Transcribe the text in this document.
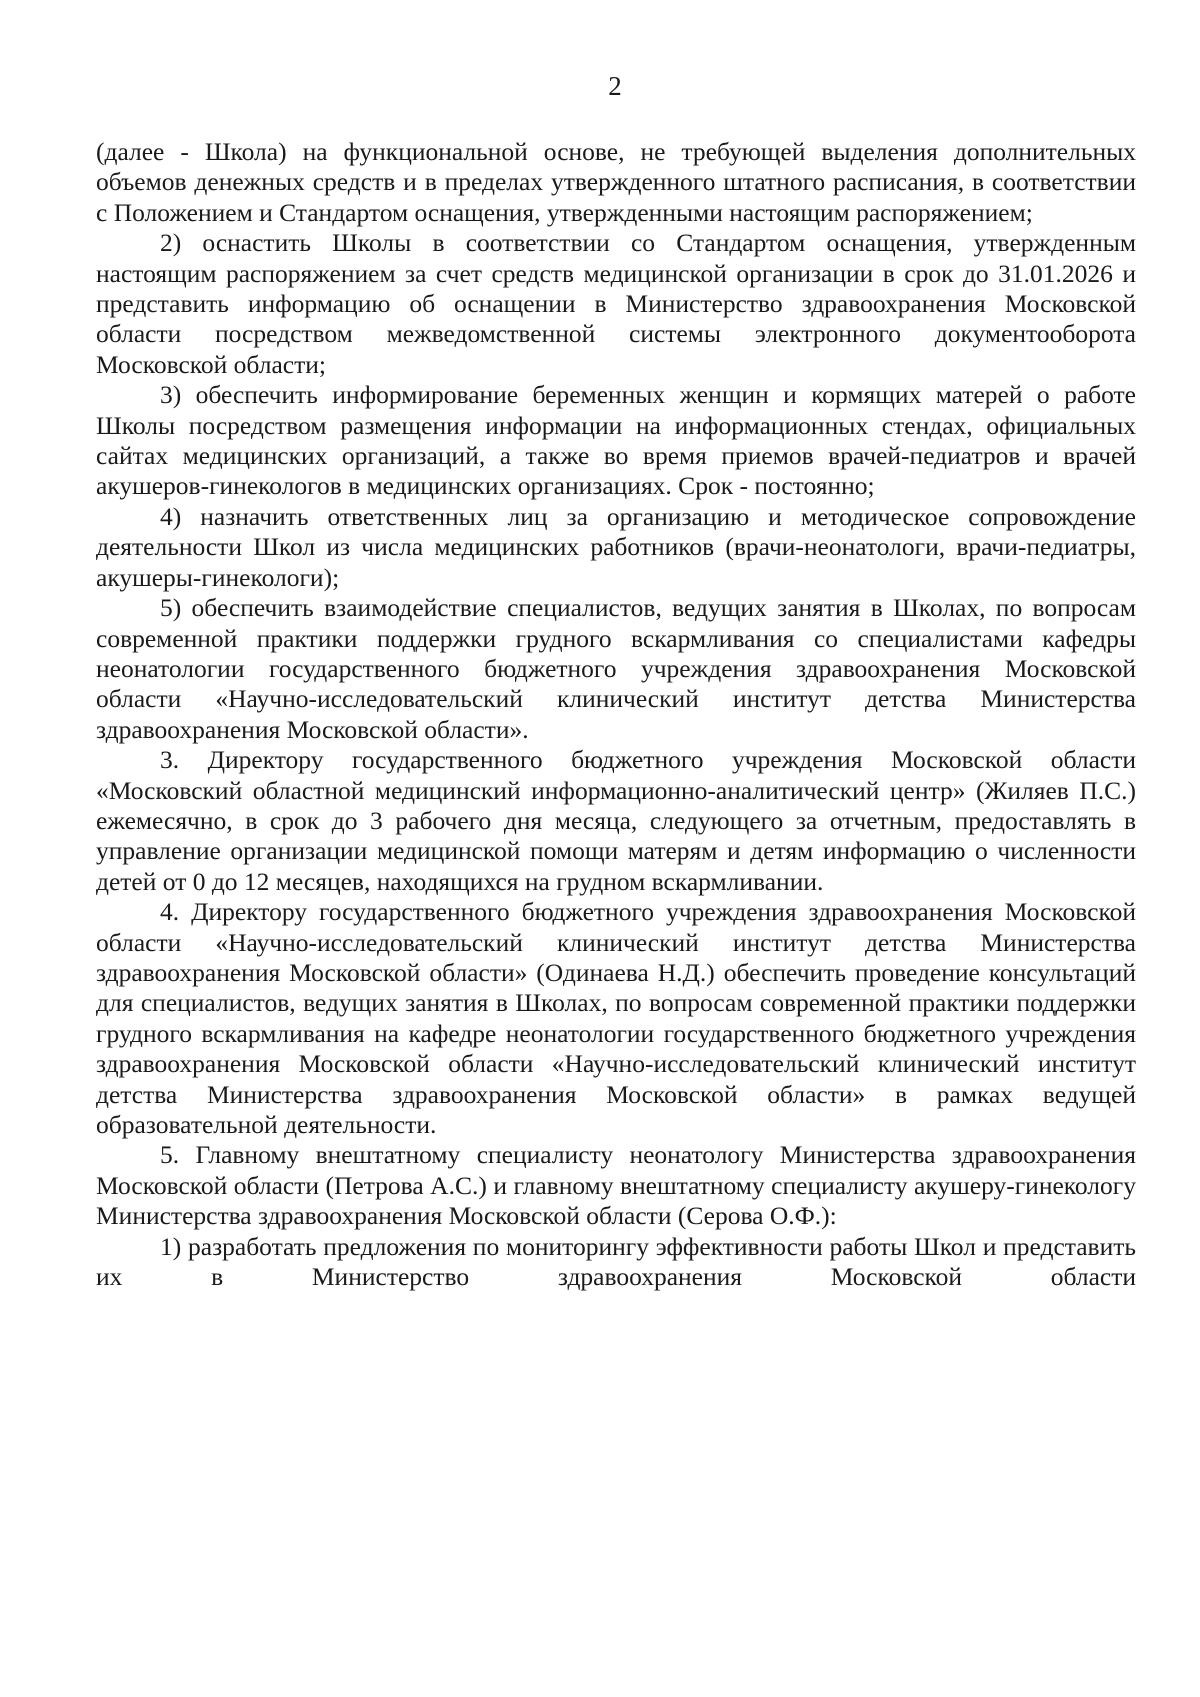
2

(далее - Школа) на функциональной основе, не требующей выделения дополнительных объемов денежных средств и в пределах утвержденного штатного расписания, в соответствии с Положением и Стандартом оснащения, утвержденными настоящим распоряжением;

2) оснастить Школы в соответствии со Стандартом оснащения, утвержденным настоящим распоряжением за счет средств медицинской организации в срок до 31.01.2026 и представить информацию об оснащении в Министерство здравоохранения Московской области посредством межведомственной системы электронного документооборота Московской области;

3) обеспечить информирование беременных женщин и кормящих матерей о работе Школы посредством размещения информации на информационных стендах, официальных сайтах медицинских организаций, а также во время приемов врачей-педиатров и врачей акушеров-гинекологов в медицинских организациях. Срок - постоянно;

4) назначить ответственных лиц за организацию и методическое сопровождение деятельности Школ из числа медицинских работников (врачи-неонатологи, врачи-педиатры, акушеры-гинекологи);

5) обеспечить взаимодействие специалистов, ведущих занятия в Школах, по вопросам современной практики поддержки грудного вскармливания со специалистами кафедры неонатологии государственного бюджетного учреждения здравоохранения Московской области «Научно-исследовательский клинический институт детства Министерства здравоохранения Московской области».

3. Директору государственного бюджетного учреждения Московской области «Московский областной медицинский информационно-аналитический центр» (Жиляев П.С.) ежемесячно, в срок до 3 рабочего дня месяца, следующего за отчетным, предоставлять в управление организации медицинской помощи матерям и детям информацию о численности детей от 0 до 12 месяцев, находящихся на грудном вскармливании.

4. Директору государственного бюджетного учреждения здравоохранения Московской области «Научно-исследовательский клинический институт детства Министерства здравоохранения Московской области» (Одинаева Н.Д.) обеспечить проведение консультаций для специалистов, ведущих занятия в Школах, по вопросам современной практики поддержки грудного вскармливания на кафедре неонатологии государственного бюджетного учреждения здравоохранения Московской области «Научно-исследовательский клинический институт детства Министерства здравоохранения Московской области» в рамках ведущей образовательной деятельности.

5. Главному внештатному специалисту неонатологу Министерства здравоохранения Московской области (Петрова А.С.) и главному внештатному специалисту акушеру-гинекологу Министерства здравоохранения Московской области (Серова О.Ф.):

1) разработать предложения по мониторингу эффективности работы Школ и представить их в Министерство здравоохранения Московской области
